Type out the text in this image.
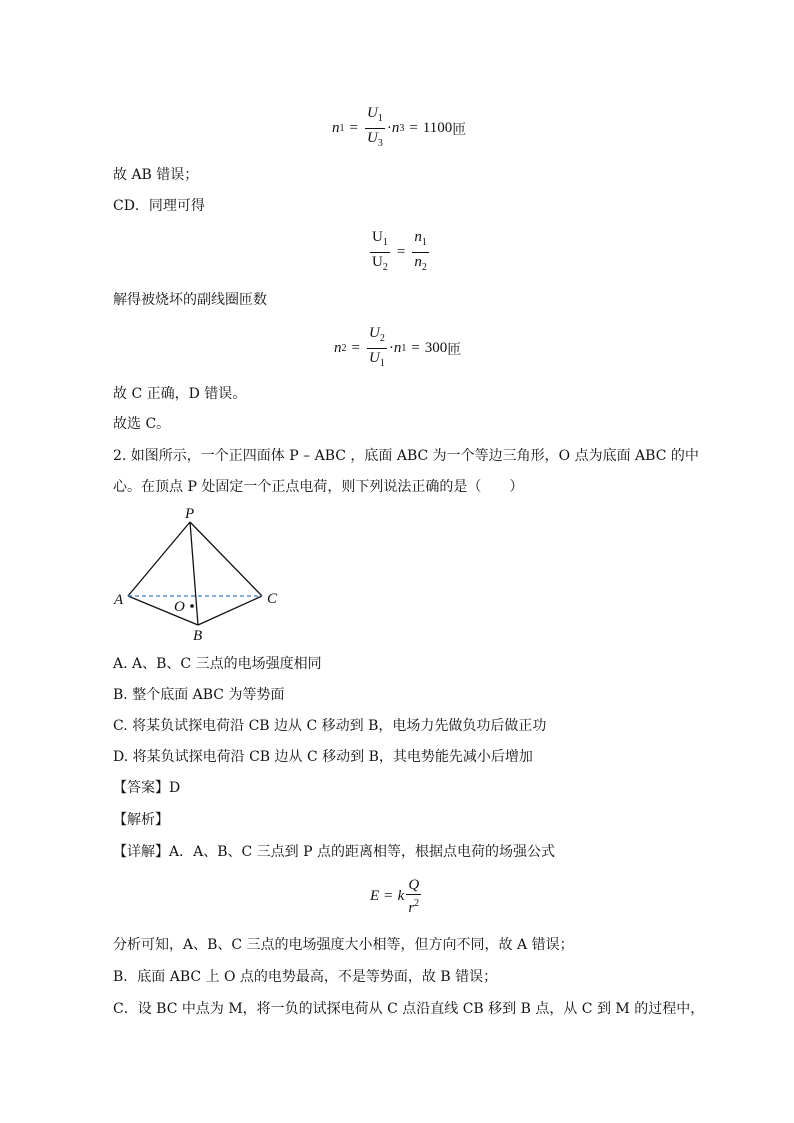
n $1 = \frac{U_1}{U_3} \cdot n$ 3 = 1100 匝
故 AB 错误；
CD．同理可得
$\frac{U_1}{U_2} = \frac{n_1}{n_2}$
解得被烧坏的副线圈匝数
n $2 = \frac{U_2}{U_1} \cdot n$ 1 = 300 匝
故 C 正确，D 错误。
故选 C。
2. 如图所示，一个正四面体 P – ABC ，底面 ABC 为一个等边三角形，O 点为底面 ABC 的中
心。在顶点 P 处固定一个正点电荷，则下列说法正确的是（　　）
P
A	C
B
O
A. A、B、C 三点的电场强度相同
B. 整个底面 ABC 为等势面
C. 将某负试探电荷沿 CB 边从 C 移动到 B，电场力先做负功后做正功
D. 将某负试探电荷沿 CB 边从 C 移动到 B，其电势能先减小后增加
【答案】D
【解析】
【详解】A．A、B、C 三点到 P 点的距离相等，根据点电荷的场强公式
E = k $\frac{Q}{r^2}$
分析可知，A、B、C 三点的电场强度大小相等，但方向不同，故 A 错误；
B．底面 ABC 上 O 点的电势最高，不是等势面，故 B 错误；
C．设 BC 中点为 M，将一负的试探电荷从 C 点沿直线 CB 移到 B 点，从 C 到 M 的过程中，
